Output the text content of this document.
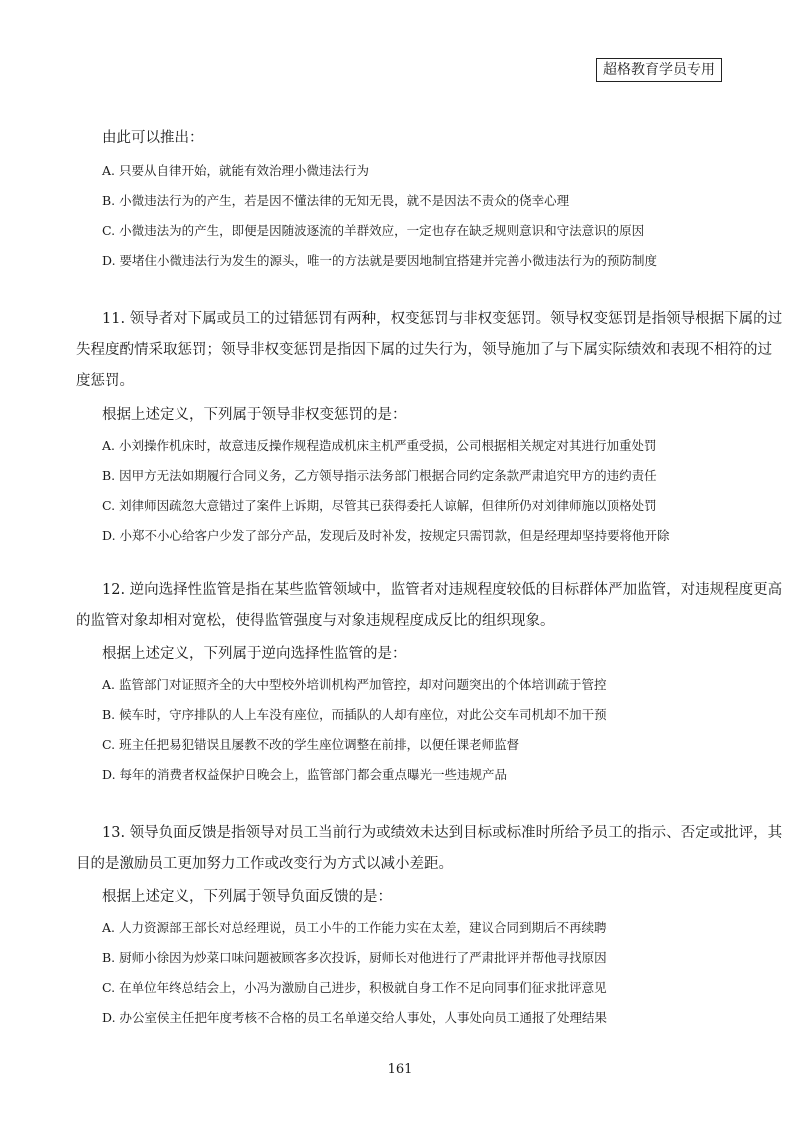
超格教育学员专用
由此可以推出：
A. 只要从自律开始，就能有效治理小微违法行为
B. 小微违法行为的产生，若是因不懂法律的无知无畏，就不是因法不责众的侥幸心理
C. 小微违法为的产生，即便是因随波逐流的羊群效应，一定也存在缺乏规则意识和守法意识的原因
D. 要堵住小微违法行为发生的源头，唯一的方法就是要因地制宜搭建并完善小微违法行为的预防制度
11. 领导者对下属或员工的过错惩罚有两种，权变惩罚与非权变惩罚。领导权变惩罚是指领导根据下属的过
失程度酌情采取惩罚；领导非权变惩罚是指因下属的过失行为，领导施加了与下属实际绩效和表现不相符的过
度惩罚。
根据上述定义，下列属于领导非权变惩罚的是：
A. 小刘操作机床时，故意违反操作规程造成机床主机严重受损，公司根据相关规定对其进行加重处罚
B. 因甲方无法如期履行合同义务，乙方领导指示法务部门根据合同约定条款严肃追究甲方的违约责任
C. 刘律师因疏忽大意错过了案件上诉期，尽管其已获得委托人谅解，但律所仍对刘律师施以顶格处罚
D. 小郑不小心给客户少发了部分产品，发现后及时补发，按规定只需罚款，但是经理却坚持要将他开除
12. 逆向选择性监管是指在某些监管领域中，监管者对违规程度较低的目标群体严加监管，对违规程度更高
的监管对象却相对宽松，使得监管强度与对象违规程度成反比的组织现象。
根据上述定义，下列属于逆向选择性监管的是：
A. 监管部门对证照齐全的大中型校外培训机构严加管控，却对问题突出的个体培训疏于管控
B. 候车时，守序排队的人上车没有座位，而插队的人却有座位，对此公交车司机却不加干预
C. 班主任把易犯错误且屡教不改的学生座位调整在前排，以便任课老师监督
D. 每年的消费者权益保护日晚会上，监管部门都会重点曝光一些违规产品
13. 领导负面反馈是指领导对员工当前行为或绩效未达到目标或标准时所给予员工的指示、否定或批评，其
目的是激励员工更加努力工作或改变行为方式以减小差距。
根据上述定义，下列属于领导负面反馈的是：
A. 人力资源部王部长对总经理说，员工小牛的工作能力实在太差，建议合同到期后不再续聘
B. 厨师小徐因为炒菜口味问题被顾客多次投诉，厨师长对他进行了严肃批评并帮他寻找原因
C. 在单位年终总结会上，小冯为激励自己进步，积极就自身工作不足向同事们征求批评意见
D. 办公室侯主任把年度考核不合格的员工名单递交给人事处，人事处向员工通报了处理结果
161
